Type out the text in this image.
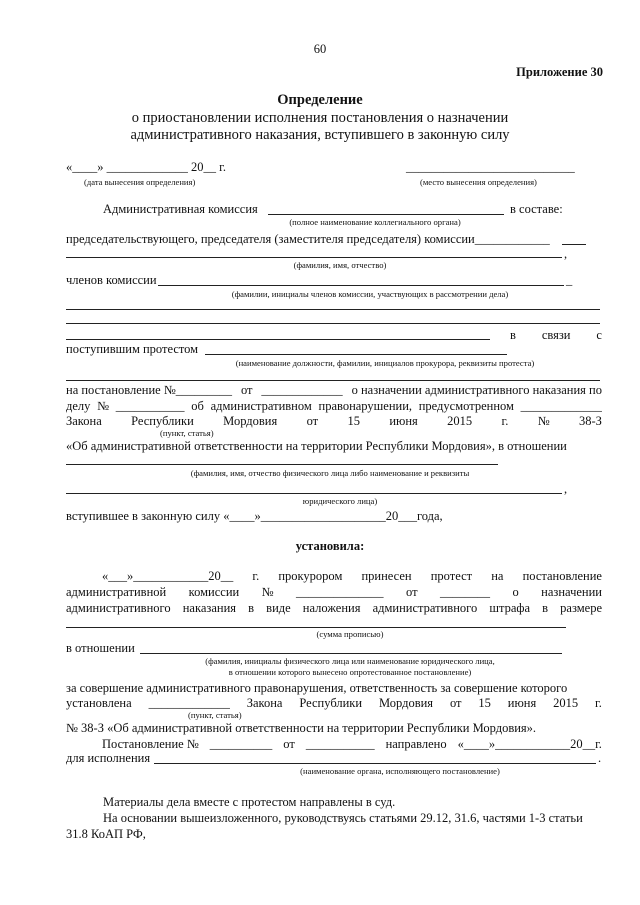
60
Приложение 30
Определение
о приостановлении исполнения постановления о назначении
административного наказания, вступившего в законную силу
«____» _____________ 20__ г.	___________________________
(дата вынесения определения)	(место вынесения определения)
Административная комиссия	в составе:
(полное наименование коллегиального органа)
председательствующего, председателя (заместителя председателя) комиссии____________
,
(фамилия, имя, отчество)
членов комиссии	_
(фамилии, инициалы членов комиссии, участвующих в рассмотрении дела)
в связи с
поступившим протестом
(наименование должности, фамилии, инициалов прокурора, реквизиты протеста)
на постановление №_________ от _____________ о назначении административного наказания по
делу № ___________ об административном правонарушении, предусмотренном _____________
Закона Республики Мордовия от 15 июня 2015 г. № 38-З
(пункт, статья)
«Об административной ответственности на территории Республики Мордовия», в отношении
(фамилия, имя, отчество физического лица либо наименование и реквизиты
,
юридического лица)
вступившее в законную силу «____»____________________20___года,
установила:
«___»____________20__ г. прокурором принесен протест на постановление
административной комиссии № ______________ от ________ о назначении
административного наказания в виде наложения административного штрафа в размере
(сумма прописью)
в отношении
(фамилия, инициалы физического лица или наименование юридического лица,
в отношении которого вынесено опротестованное постановление)
за совершение административного правонарушения, ответственность за совершение которого
установлена _____________ Закона Республики Мордовия от 15 июня 2015 г.
(пункт, статья)
№ 38-З «Об административной ответственности на территории Республики Мордовия».
Постановление № __________ от ___________ направлено «____»____________20__г.
для исполнения	.
(наименование органа, исполняющего постановление)
Материалы дела вместе с протестом направлены в суд.
На основании вышеизложенного, руководствуясь статьями 29.12, 31.6, частями 1-3 статьи
31.8 КоАП РФ,
